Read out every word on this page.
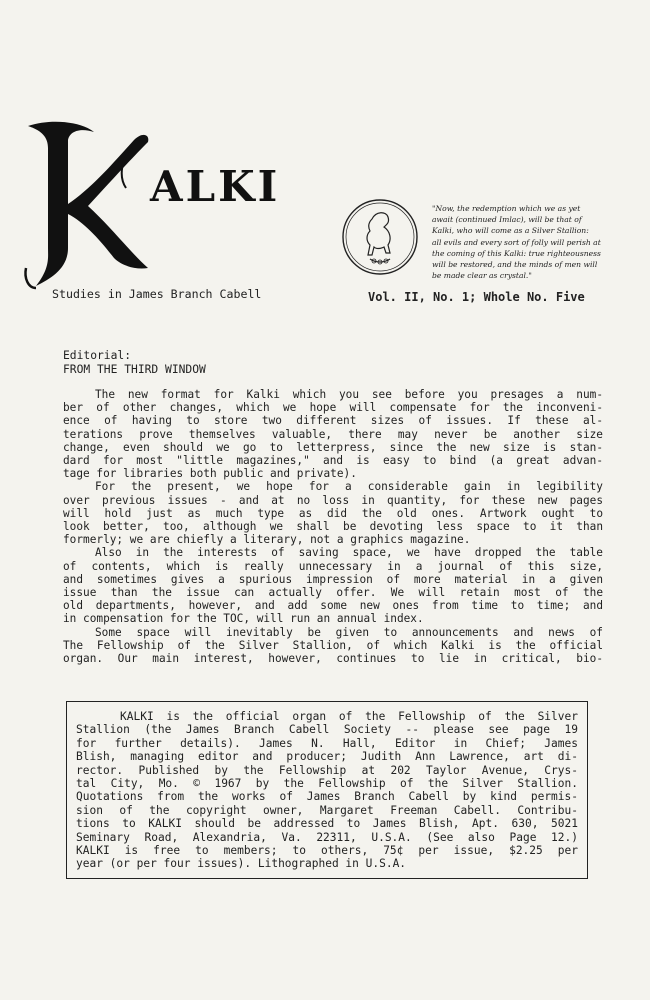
ALKI	"Now, the redemption which we as yet
await (continued Imlac), will be that of
Kalki, who will come as a Silver Stallion:
all evils and every sort of folly will perish at
the coming of this Kalki: true righteousness
will be restored, and the minds of men will
be made clear as crystal."
Studies in James Branch Cabell	Vol. II, No. 1; Whole No. Five
Editorial:
FROM THE THIRD WINDOW
The new format for Kalki which you see before you presages a num-
ber of other changes, which we hope will compensate for the inconveni-
ence of having to store two different sizes of issues. If these al-
terations prove themselves valuable, there may never be another size
change, even should we go to letterpress, since the new size is stan-
dard for most "little magazines," and is easy to bind (a great advan-
tage for libraries both public and private).
For the present, we hope for a considerable gain in legibility
over previous issues - and at no loss in quantity, for these new pages
will hold just as much type as did the old ones. Artwork ought to
look better, too, although we shall be devoting less space to it than
formerly; we are chiefly a literary, not a graphics magazine.
Also in the interests of saving space, we have dropped the table
of contents, which is really unnecessary in a journal of this size,
and sometimes gives a spurious impression of more material in a given
issue than the issue can actually offer. We will retain most of the
old departments, however, and add some new ones from time to time; and
in compensation for the TOC, will run an annual index.
Some space will inevitably be given to announcements and news of
The Fellowship of the Silver Stallion, of which Kalki is the official
organ. Our main interest, however, continues to lie in critical, bio-
KALKI is the official organ of the Fellowship of the Silver
Stallion (the James Branch Cabell Society -- please see page 19
for further details). James N. Hall, Editor in Chief; James
Blish, managing editor and producer; Judith Ann Lawrence, art di-
rector. Published by the Fellowship at 202 Taylor Avenue, Crys-
tal City, Mo. © 1967 by the Fellowship of the Silver Stallion.
Quotations from the works of James Branch Cabell by kind permis-
sion of the copyright owner, Margaret Freeman Cabell. Contribu-
tions to KALKI should be addressed to James Blish, Apt. 630, 5021
Seminary Road, Alexandria, Va. 22311, U.S.A. (See also Page 12.)
KALKI is free to members; to others, 75¢ per issue, $2.25 per
year (or per four issues). Lithographed in U.S.A.
